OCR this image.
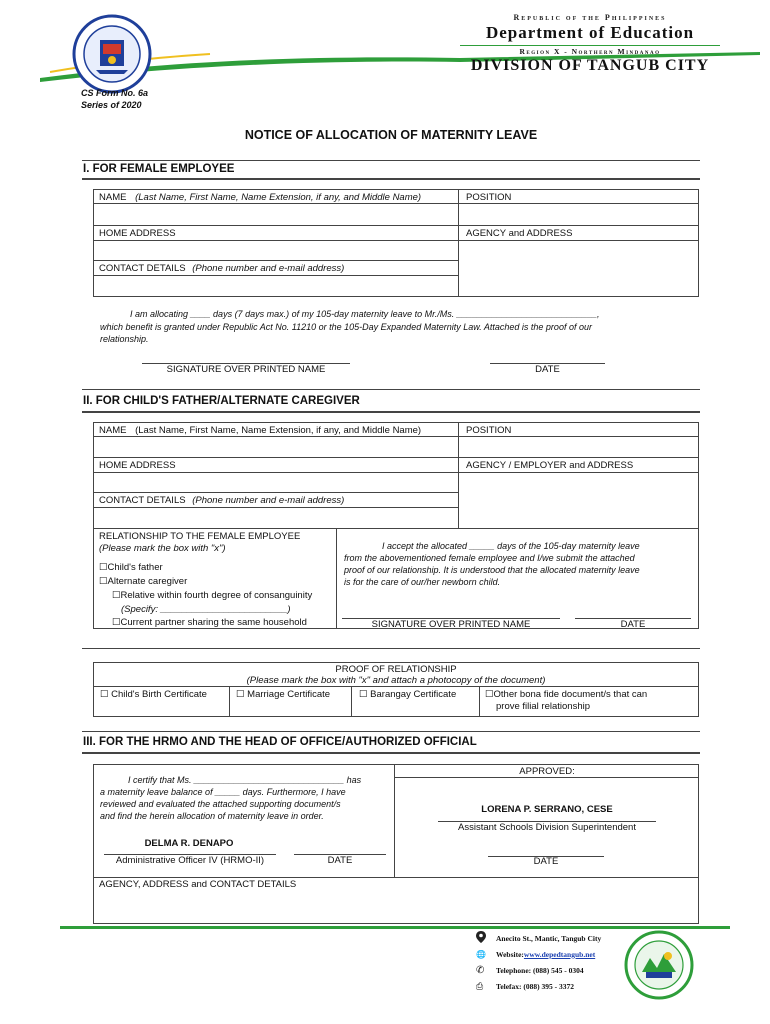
Republic of the Philippines
Department of Education
Region X - Northern Mindanao
DIVISION OF TANGUB CITY
CS Form No. 6a
Series of 2020
NOTICE OF ALLOCATION OF MATERNITY LEAVE
I. FOR FEMALE EMPLOYEE
NAME (Last Name, First Name, Name Extension, if any, and Middle Name)	POSITION
HOME ADDRESS	AGENCY and ADDRESS
CONTACT DETAILS (Phone number and e-mail address)
I am allocating ____ days (7 days max.) of my 105-day maternity leave to Mr./Ms. ____________________________,
which benefit is granted under Republic Act No. 11210 or the 105-Day Expanded Maternity Law. Attached is the proof of our
relationship.
SIGNATURE OVER PRINTED NAME	DATE
II. FOR CHILD'S FATHER/ALTERNATE CAREGIVER
NAME (Last Name, First Name, Name Extension, if any, and Middle Name)	POSITION
HOME ADDRESS	AGENCY / EMPLOYER and ADDRESS
CONTACT DETAILS (Phone number and e-mail address)
RELATIONSHIP TO THE FEMALE EMPLOYEE
(Please mark the box with "x")
☐Child's father
☐Alternate caregiver
☐Relative within fourth degree of consanguinity
(Specify: ________________________)
☐Current partner sharing the same household
I accept the allocated _____ days of the 105-day maternity leave
from the abovementioned female employee and I/we submit the attached
proof of our relationship. It is understood that the allocated maternity leave
is for the care of our/her newborn child.
SIGNATURE OVER PRINTED NAME	DATE
PROOF OF RELATIONSHIP
(Please mark the box with "x" and attach a photocopy of the document)
☐ Child's Birth Certificate	☐ Marriage Certificate	☐ Barangay Certificate	☐Other bona fide document/s that can
prove filial relationship
III. FOR THE HRMO AND THE HEAD OF OFFICE/AUTHORIZED OFFICIAL
I certify that Ms. ______________________________ has
a maternity leave balance of _____ days. Furthermore, I have
reviewed and evaluated the attached supporting document/s
and find the herein allocation of maternity leave in order.
DELMA R. DENAPO
Administrative Officer IV (HRMO-II)	DATE
APPROVED:
LORENA P. SERRANO, CESE
Assistant Schools Division Superintendent
DATE
AGENCY, ADDRESS and CONTACT DETAILS
Anecito St., Mantic, Tangub City
🌐	Website: www.depedtangub.net
✆	Telephone: (088) 545 - 0304
⎙	Telefax: (088) 395 - 3372
